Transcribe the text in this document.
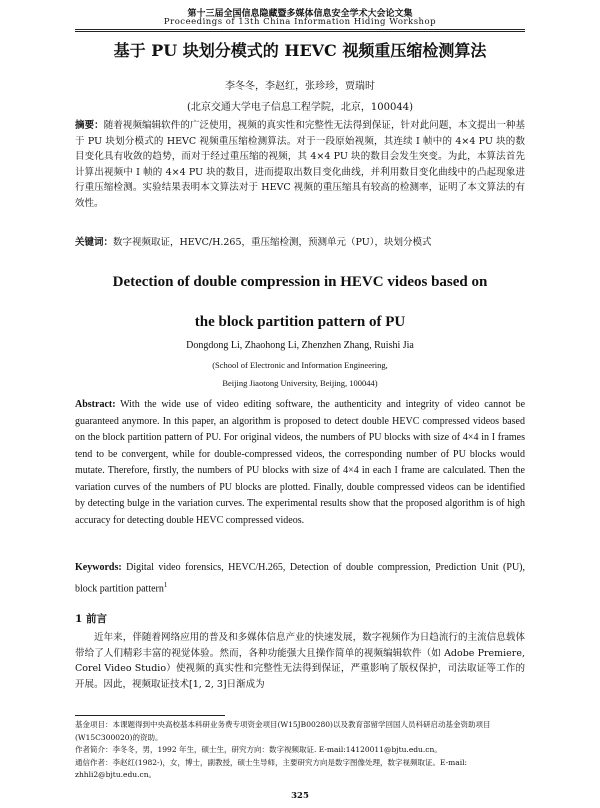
第十三届全国信息隐藏暨多媒体信息安全学术大会论文集
Proceedings of 13th China Information Hiding Workshop
基于 PU 块划分模式的 HEVC 视频重压缩检测算法
李冬冬，李赵红，张珍珍，贾瑞时
(北京交通大学电子信息工程学院，北京，100044)
摘要：随着视频编辑软件的广泛使用，视频的真实性和完整性无法得到保证，针对此问题，本文提出一种基于 PU 块划分模式的 HEVC 视频重压缩检测算法。对于一段原始视频，其连续 I 帧中的 4×4 PU 块的数目变化具有收敛的趋势，而对于经过重压缩的视频，其 4×4 PU 块的数目会发生突变。为此，本算法首先计算出视频中 I 帧的 4×4 PU 块的数目，进而提取出数目变化曲线，并利用数目变化曲线中的凸起现象进行重压缩检测。实验结果表明本文算法对于 HEVC 视频的重压缩具有较高的检测率，证明了本文算法的有效性。
关键词：数字视频取证，HEVC/H.265，重压缩检测，预测单元（PU），块划分模式
Detection of double compression in HEVC videos based on
the block partition pattern of PU
Dongdong Li, Zhaohong Li, Zhenzhen Zhang, Ruishi Jia
(School of Electronic and Information Engineering,
Beijing Jiaotong University, Beijing, 100044)
Abstract: With the wide use of video editing software, the authenticity and integrity of video cannot be guaranteed anymore. In this paper, an algorithm is proposed to detect double HEVC compressed videos based on the block partition pattern of PU. For original videos, the numbers of PU blocks with size of 4×4 in I frames tend to be convergent, while for double-compressed videos, the corresponding number of PU blocks would mutate. Therefore, firstly, the numbers of PU blocks with size of 4×4 in each I frame are calculated. Then the variation curves of the numbers of PU blocks are plotted. Finally, double compressed videos can be identified by detecting bulge in the variation curves. The experimental results show that the proposed algorithm is of high accuracy for detecting double HEVC compressed videos.
Keywords: Digital video forensics, HEVC/H.265, Detection of double compression, Prediction Unit (PU), block partition pattern$^1$
1 前言
近年来，伴随着网络应用的普及和多媒体信息产业的快速发展，数字视频作为日趋流行的主流信息载体带给了人们精彩丰富的视觉体验。然而，各种功能强大且操作简单的视频编辑软件（如 Adobe Premiere, Corel Video Studio）使视频的真实性和完整性无法得到保证，严重影响了版权保护，司法取证等工作的开展。因此，视频取证技术[1, 2, 3]日渐成为
基金项目：本课题得到中央高校基本科研业务费专项资金项目(W15JB00280)以及教育部留学回国人员科研启动基金资助项目(W15C300020)的资助。
作者简介：李冬冬，男，1992 年生，硕士生，研究方向：数字视频取证. E-mail:14120011@bjtu.edu.cn。
通信作者：李赵红(1982-)，女，博士，副教授，硕士生导师，主要研究方向是数字图像处理，数字视频取证。E-mail: zhhli2@bjtu.edu.cn。
325
